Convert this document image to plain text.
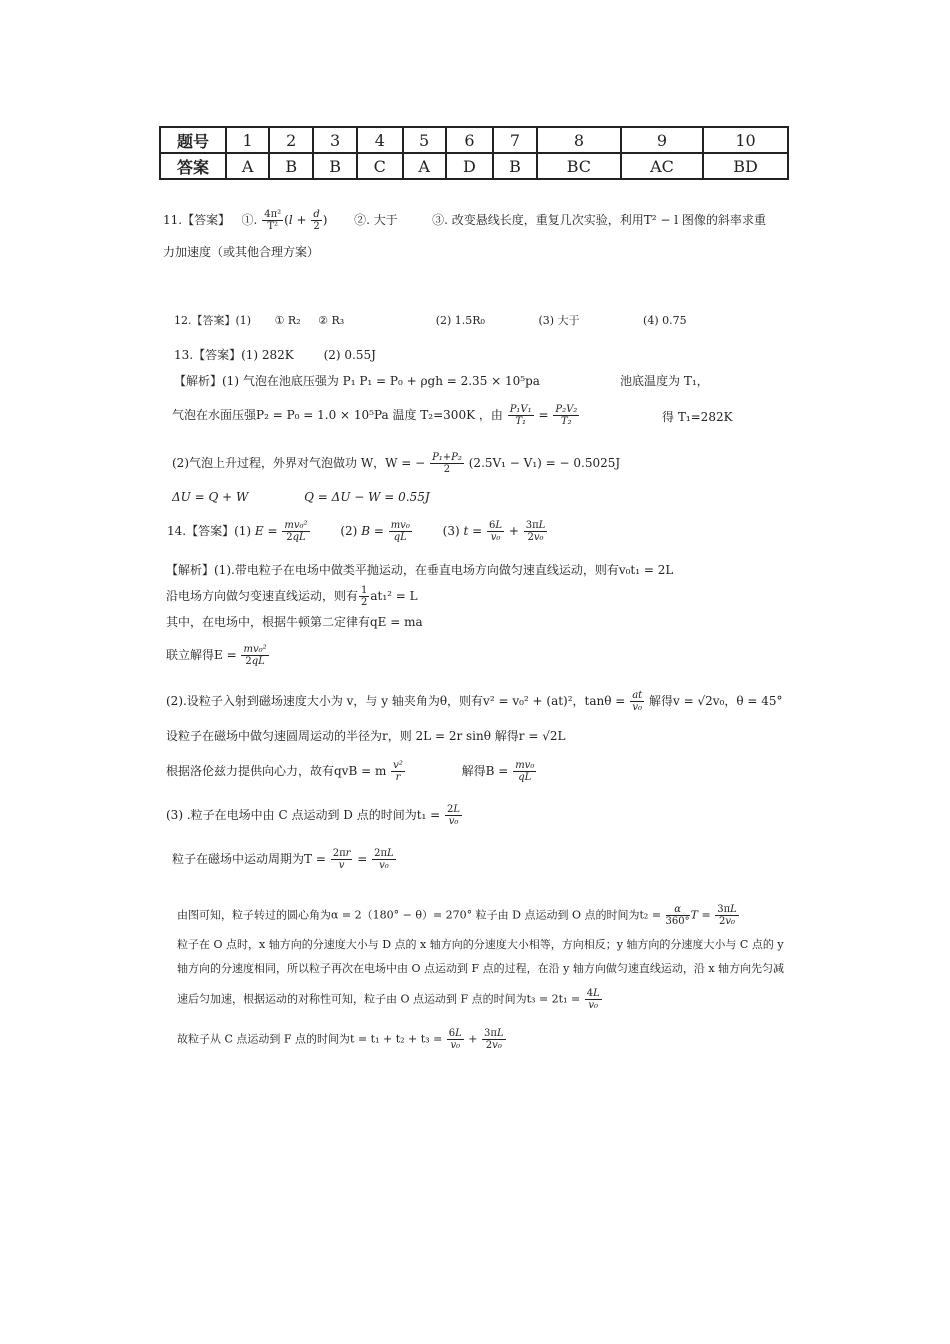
题号	1	2	3	4	5	6	7	8	9	10
答案	A	B	B	C	A	D	B	BC	AC	BD
11.【答案】 ①. $\frac{\text{4π²}}{\text{T²}} (l + \frac{d}{2}$ )       ②. 大于	③. 改变悬线长度，重复几次实验，利用T² − l 图像的斜率求重
力加速度（或其他合理方案）
12.【答案】(1) ① R₂ ② R₃	(2) 1.5R₀	(3) 大于	(4) 0.75
13.【答案】(1) 282K (2) 0.55J
【解析】(1) 气泡在池底压强为 P₁ P₁ = P₀ + ρgh = 2.35 × 10⁵pa	池底温度为 T₁，
气泡在水面压强P₂ = P₀ = 1.0 × 10⁵Pa 温度 T₂=300K ，由 $\frac{\text{P₁V₁}}{\text{T₁}} = \frac{\text{P₂V₂}}{\text{T₂}}$	得 T₁=282K
(2)气泡上升过程，外界对气泡做功 W，W = − $\frac{\text{P₁+P₂}}{2} (2.5V_1 - V_1)$ = − 0.5025J
ΔU = Q + W	Q = ΔU − W = 0.55J
14.【答案】(1) $E = \frac{\text{mv₀²}}{2qL}$	(2) $B = \frac{\text{mv₀}}{qL}$	(3) $t = \frac{6L}{\text{v₀}} + \frac{3\pi L}{\text{2v₀}}$
【解析】(1).带电粒子在电场中做类平抛运动，在垂直电场方向做匀速直线运动，则有v₀t₁ = 2L
沿电场方向做匀变速直线运动，则有 $\frac{1}{2} at_1^2 = L$
其中，在电场中，根据牛顿第二定律有qE = ma
联立解得$E = \frac{\text{mv₀²}}{2qL}$
(2).设粒子入射到磁场速度大小为 v，与 y 轴夹角为θ，则有v² = v₀² + (at)²，$\tan\theta = \frac{at}{\text{v₀}}$ 解得v = √2v₀，θ = 45°
设粒子在磁场中做匀速圆周运动的半径为r，则 2L = 2r sinθ 解得r = √2L
根据洛伦兹力提供向心力，故有qvB = m $\frac{\text{v²}}{r}$	解得$B = \frac{\text{mv₀}}{qL}$
(3) .粒子在电场中由 C 点运动到 D 点的时间为$t_1 = \frac{2L}{\text{v₀}}$
粒子在磁场中运动周期为$T = \frac{2\pi r}{v} = \frac{2\pi L}{\text{v₀}}$
由图可知，粒子转过的圆心角为α = 2（180° − θ）= 270° 粒子由 D 点运动到 O 点的时间为$t_2 = \frac{\alpha}{360^\circ}$ $T = \frac{3\pi L}{\text{2v₀}}$
粒子在 O 点时，x 轴方向的分速度大小与 D 点的 x 轴方向的分速度大小相等，方向相反；y 轴方向的分速度大小与 C 点的 y
轴方向的分速度相同，所以粒子再次在电场中由 O 点运动到 F 点的过程，在沿 y 轴方向做匀速直线运动，沿 x 轴方向先匀减
速后匀加速，根据运动的对称性可知，粒子由 O 点运动到 F 点的时间为$t_3 = 2t_1 = \frac{4L}{\text{v₀}}$
故粒子从 C 点运动到 F 点的时间为$t = t_1 + t_2 + t_3 = \frac{6L}{\text{v₀}} + \frac{3\pi L}{\text{2v₀}}$
